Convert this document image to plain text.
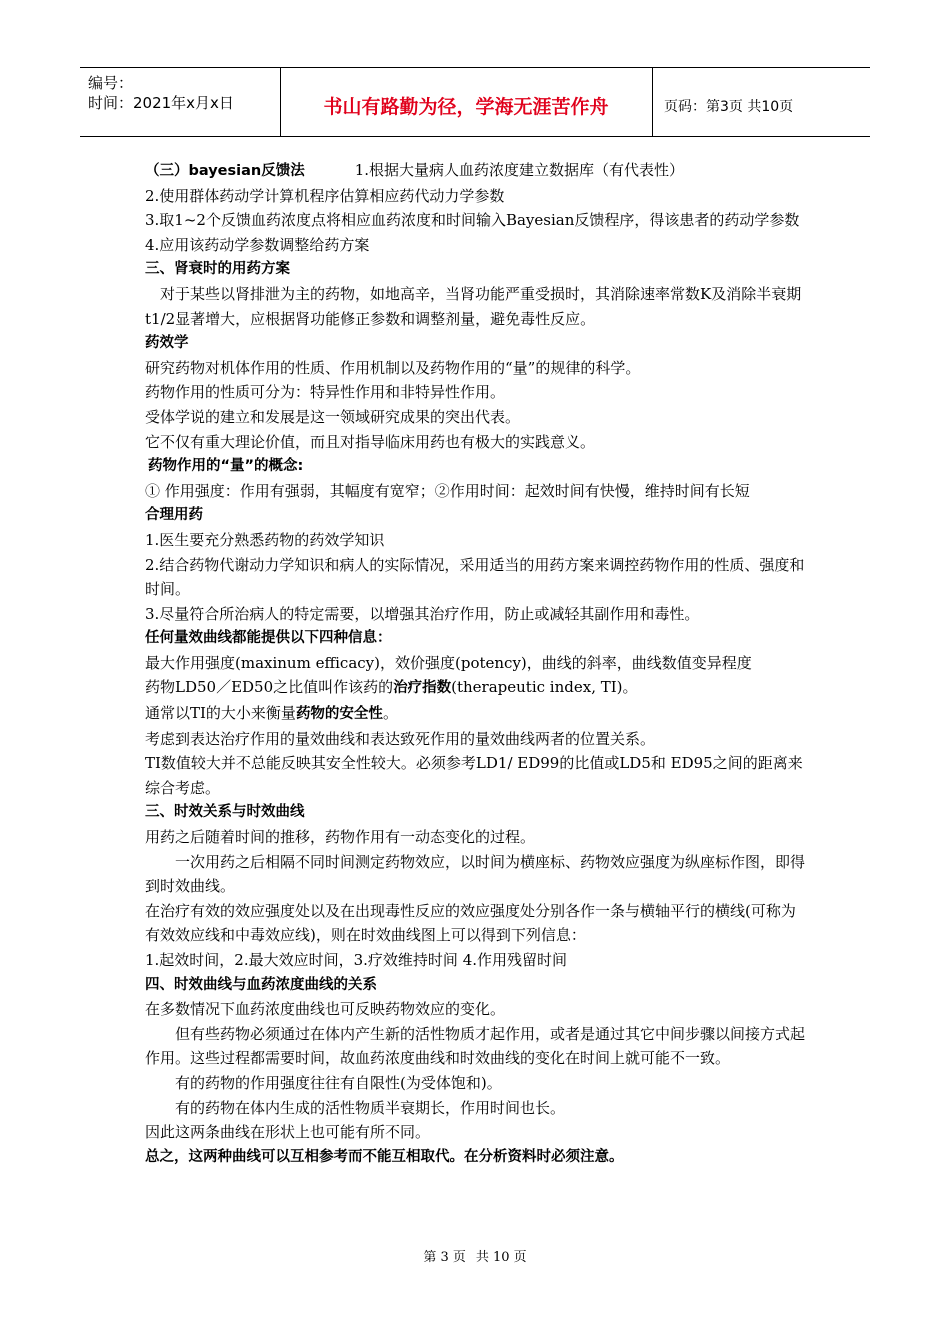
编号：
时间：2021年x月x日	书山有路勤为径，学海无涯苦作舟	页码：第3页 共10页

（三）bayesian反馈法	1.根据大量病人血药浓度建立数据库（有代表性）

2.使用群体药动学计算机程序估算相应药代动力学参数

3.取1~2个反馈血药浓度点将相应血药浓度和时间输入Bayesian反馈程序，得该患者的药动学参数 4.应用该药动学参数调整给药方案

三、肾衰时的用药方案

对于某些以肾排泄为主的药物，如地高辛，当肾功能严重受损时，其消除速率常数K及消除半衰期t1/2显著增大，应根据肾功能修正参数和调整剂量，避免毒性反应。

药效学

研究药物对机体作用的性质、作用机制以及药物作用的“量”的规律的科学。

药物作用的性质可分为：特异性作用和非特异性作用。

受体学说的建立和发展是这一领域研究成果的突出代表。

它不仅有重大理论价值，而且对指导临床用药也有极大的实践意义。

药物作用的“量”的概念:

① 作用强度：作用有强弱，其幅度有宽窄；②作用时间：起效时间有快慢，维持时间有长短

合理用药

1.医生要充分熟悉药物的药效学知识

2.结合药物代谢动力学知识和病人的实际情况，采用适当的用药方案来调控药物作用的性质、强度和时间。

3.尽量符合所治病人的特定需要，以增强其治疗作用，防止或减轻其副作用和毒性。

任何量效曲线都能提供以下四种信息：

最大作用强度(maxinum efficacy)，效价强度(potency)，曲线的斜率，曲线数值变异程度

药物LD50／ED50之比值叫作该药的治疗指数(therapeutic index, TI)。

通常以TI的大小来衡量药物的安全性。

考虑到表达治疗作用的量效曲线和表达致死作用的量效曲线两者的位置关系。

TI数值较大并不总能反映其安全性较大。必须参考LD1/ ED99的比值或LD5和 ED95之间的距离来综合考虑。

三、时效关系与时效曲线

用药之后随着时间的推移，药物作用有一动态变化的过程。

一次用药之后相隔不同时间测定药物效应，以时间为横座标、药物效应强度为纵座标作图，即得到时效曲线。

在治疗有效的效应强度处以及在出现毒性反应的效应强度处分别各作一条与横轴平行的横线(可称为有效效应线和中毒效应线)，则在时效曲线图上可以得到下列信息：

1.起效时间，2.最大效应时间，3.疗效维持时间 4.作用残留时间

四、时效曲线与血药浓度曲线的关系

在多数情况下血药浓度曲线也可反映药物效应的变化。

但有些药物必须通过在体内产生新的活性物质才起作用，或者是通过其它中间步骤以间接方式起作用。这些过程都需要时间，故血药浓度曲线和时效曲线的变化在时间上就可能不一致。

有的药物的作用强度往往有自限性(为受体饱和)。

有的药物在体内生成的活性物质半衰期长，作用时间也长。

因此这两条曲线在形状上也可能有所不同。

总之，这两种曲线可以互相参考而不能互相取代。在分析资料时必须注意。

第 3 页 共 10 页
